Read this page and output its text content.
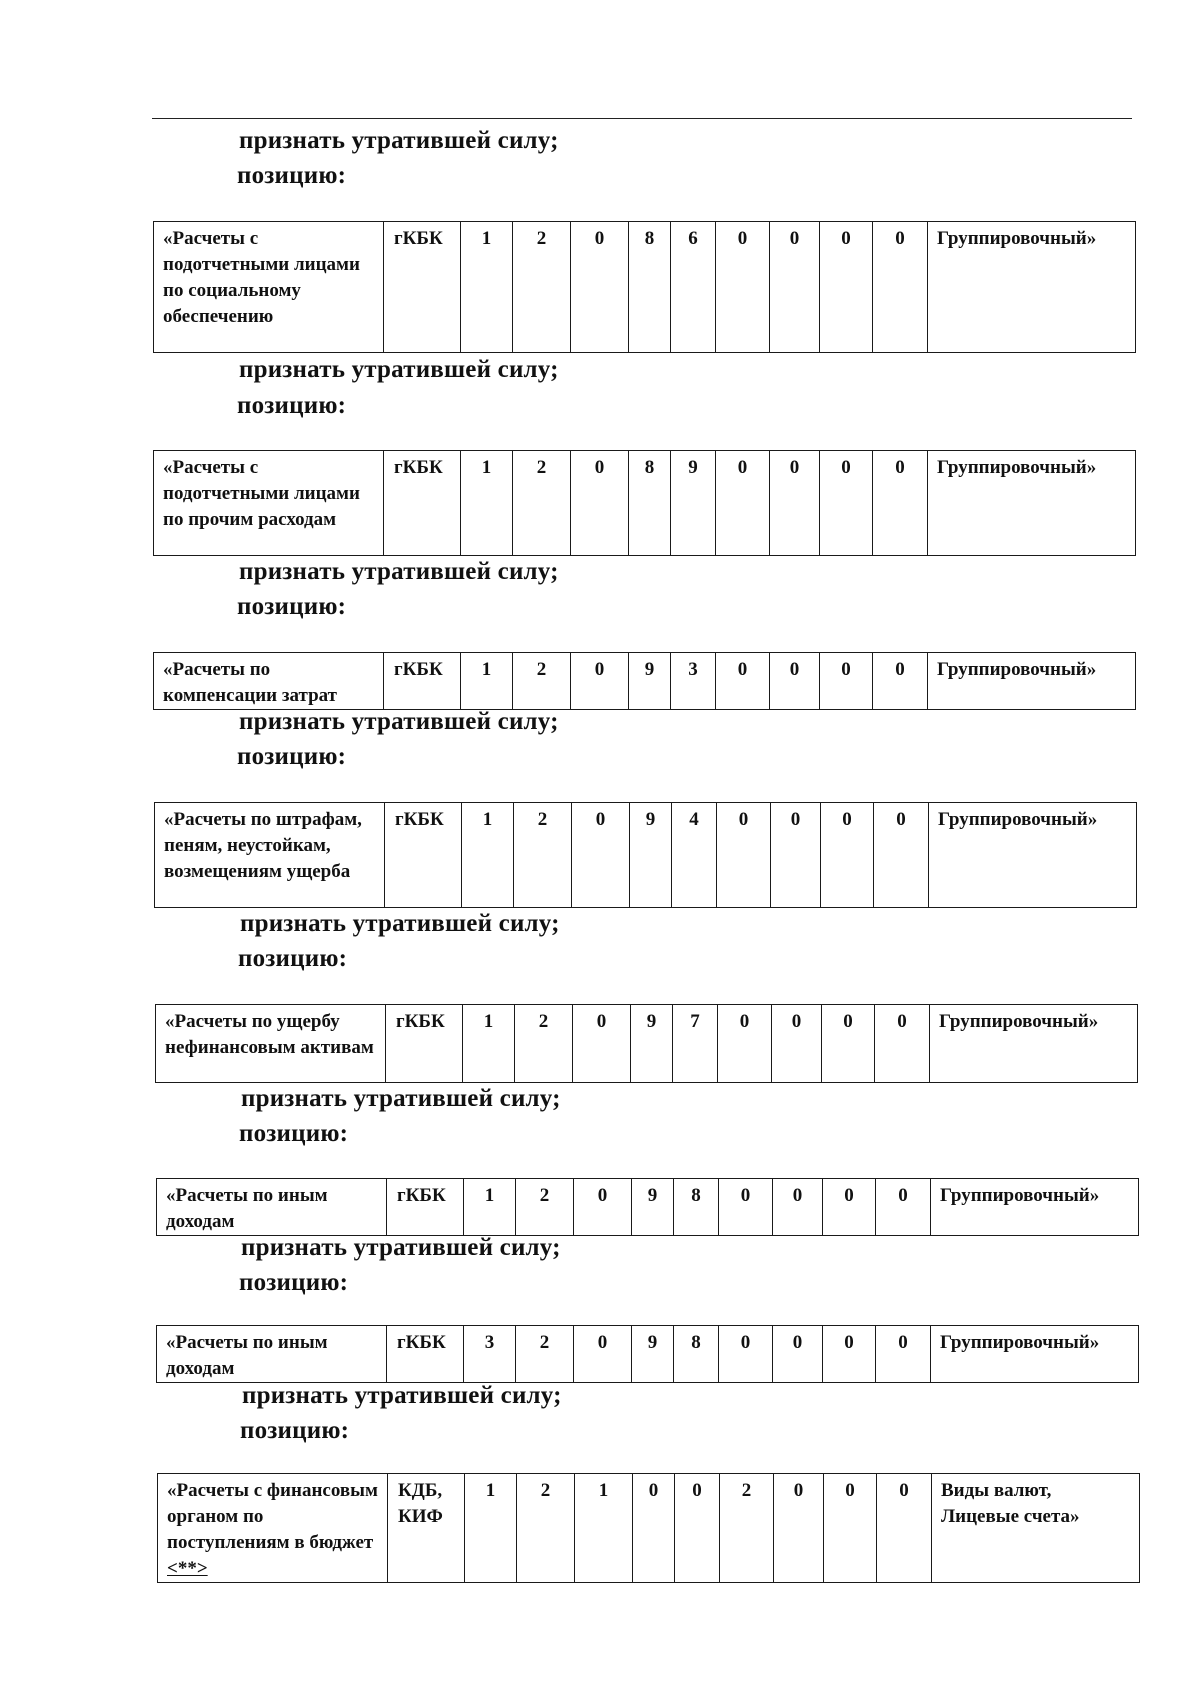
признать утратившей силу;
позицию:
«Расчеты с подотчетными лицами по социальному обеспечению	гКБК	1	2	0	8	6	0	0	0	0	Группировочный»
признать утратившей силу;
позицию:
«Расчеты с подотчетными лицами по прочим расходам	гКБК	1	2	0	8	9	0	0	0	0	Группировочный»
признать утратившей силу;
позицию:
«Расчеты по компенсации затрат	гКБК	1	2	0	9	3	0	0	0	0	Группировочный»
признать утратившей силу;
позицию:
«Расчеты по штрафам, пеням, неустойкам, возмещениям ущерба	гКБК	1	2	0	9	4	0	0	0	0	Группировочный»
признать утратившей силу;
позицию:
«Расчеты по ущербу нефинансовым активам	гКБК	1	2	0	9	7	0	0	0	0	Группировочный»
признать утратившей силу;
позицию:
«Расчеты по иным доходам	гКБК	1	2	0	9	8	0	0	0	0	Группировочный»
признать утратившей силу;
позицию:
«Расчеты по иным доходам	гКБК	3	2	0	9	8	0	0	0	0	Группировочный»
признать утратившей силу;
позицию:
«Расчеты с финансовым органом по поступлениям в бюджет <**>	КДБ, КИФ	1	2	1	0	0	2	0	0	0	Виды валют, Лицевые счета»
